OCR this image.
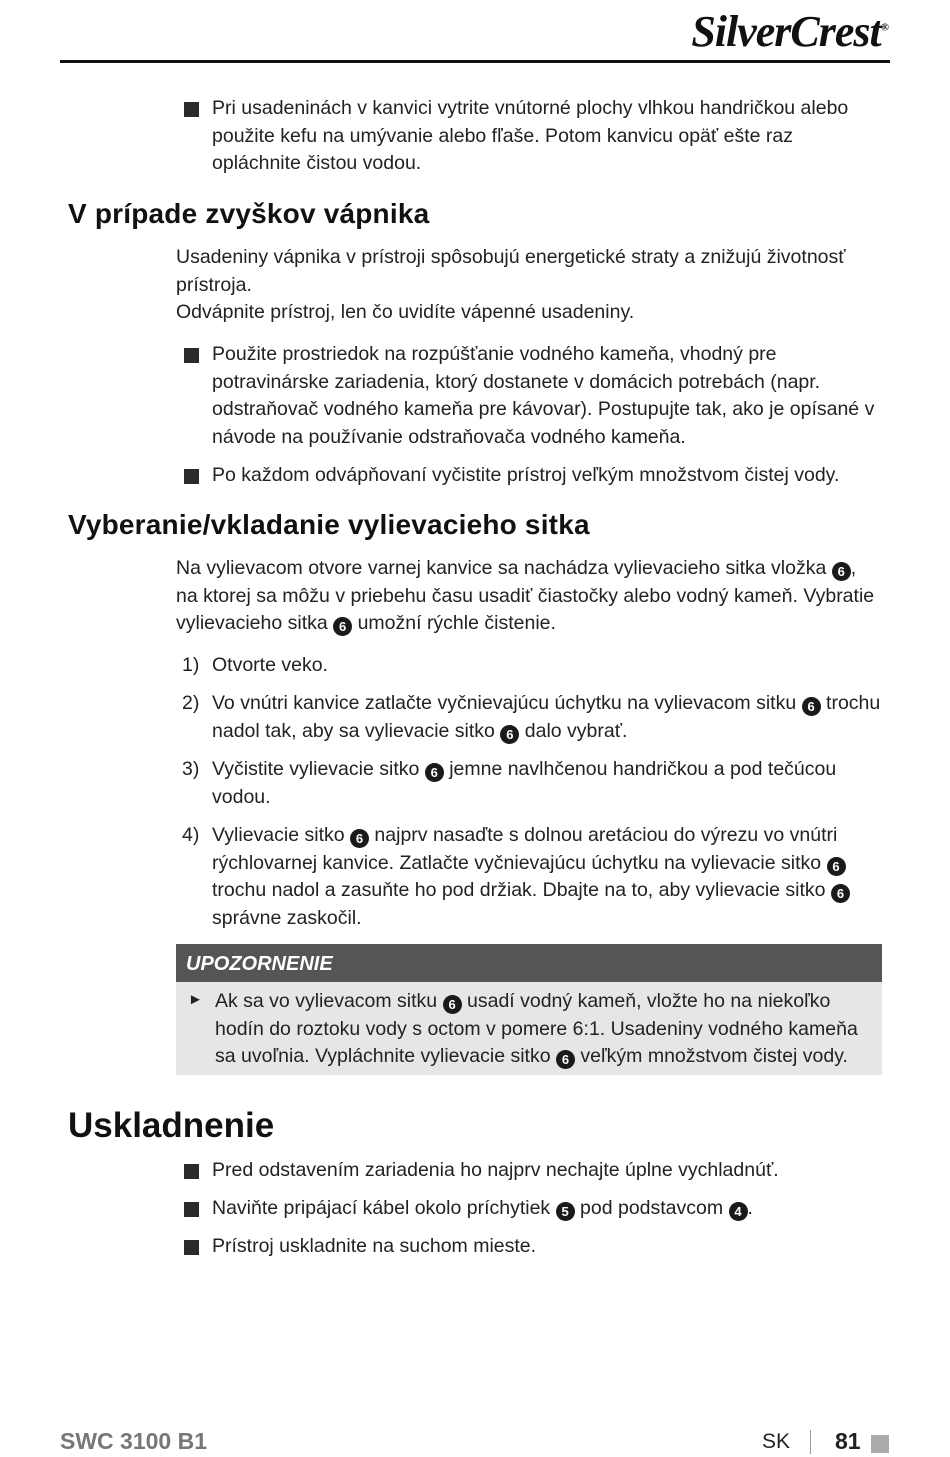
SilverCrest®
Pri usadeninách v kanvici vytrite vnútorné plochy vlhkou handričkou alebo použite kefu na umývanie alebo fľaše. Potom kanvicu opäť ešte raz opláchnite čistou vodou.
V prípade zvyškov vápnika
Usadeniny vápnika v prístroji spôsobujú energetické straty a znižujú životnosť prístroja.
Odvápnite prístroj, len čo uvidíte vápenné usadeniny.
Použite prostriedok na rozpúšťanie vodného kameňa, vhodný pre potravinárske zariadenia, ktorý dostanete v domácich potrebách (napr. odstraňovač vodného kameňa pre kávovar). Postupujte tak, ako je opísané v návode na používanie odstraňovača vodného kameňa.
Po každom odvápňovaní vyčistite prístroj veľkým množstvom čistej vody.
Vyberanie/vkladanie vylievacieho sitka
Na vylievacom otvore varnej kanvice sa nachádza vylievacieho sitka vložka 6 , na ktorej sa môžu v priebehu času usadiť čiastočky alebo vodný kameň. Vybratie vylievacieho sitka 6 umožní rýchle čistenie.
1) Otvorte veko.
2) Vo vnútri kanvice zatlačte vyčnievajúcu úchytku na vylievacom sitku 6 trochu nadol tak, aby sa vylievacie sitko 6 dalo vybrať.
3) Vyčistite vylievacie sitko 6 jemne navlhčenou handričkou a pod tečúcou vodou.
4) Vylievacie sitko 6 najprv nasaďte s dolnou aretáciou do výrezu vo vnútri rýchlovarnej kanvice. Zatlačte vyčnievajúcu úchytku na vylievacie sitko 6 trochu nadol a zasuňte ho pod držiak. Dbajte na to, aby vylievacie sitko 6 správne zaskočil.
UPOZORNENIE
► Ak sa vo vylievacom sitku 6 usadí vodný kameň, vložte ho na niekoľko hodín do roztoku vody s octom v pomere 6:1. Usadeniny vodného kameňa sa uvoľnia. Vypláchnite vylievacie sitko 6 veľkým množstvom čistej vody.
Uskladnenie
Pred odstavením zariadenia ho najprv nechajte úplne vychladnúť.
Naviňte pripájací kábel okolo príchytiek 5 pod podstavcom 4 .
Prístroj uskladnite na suchom mieste.
SWC 3100 B1	SK 81
